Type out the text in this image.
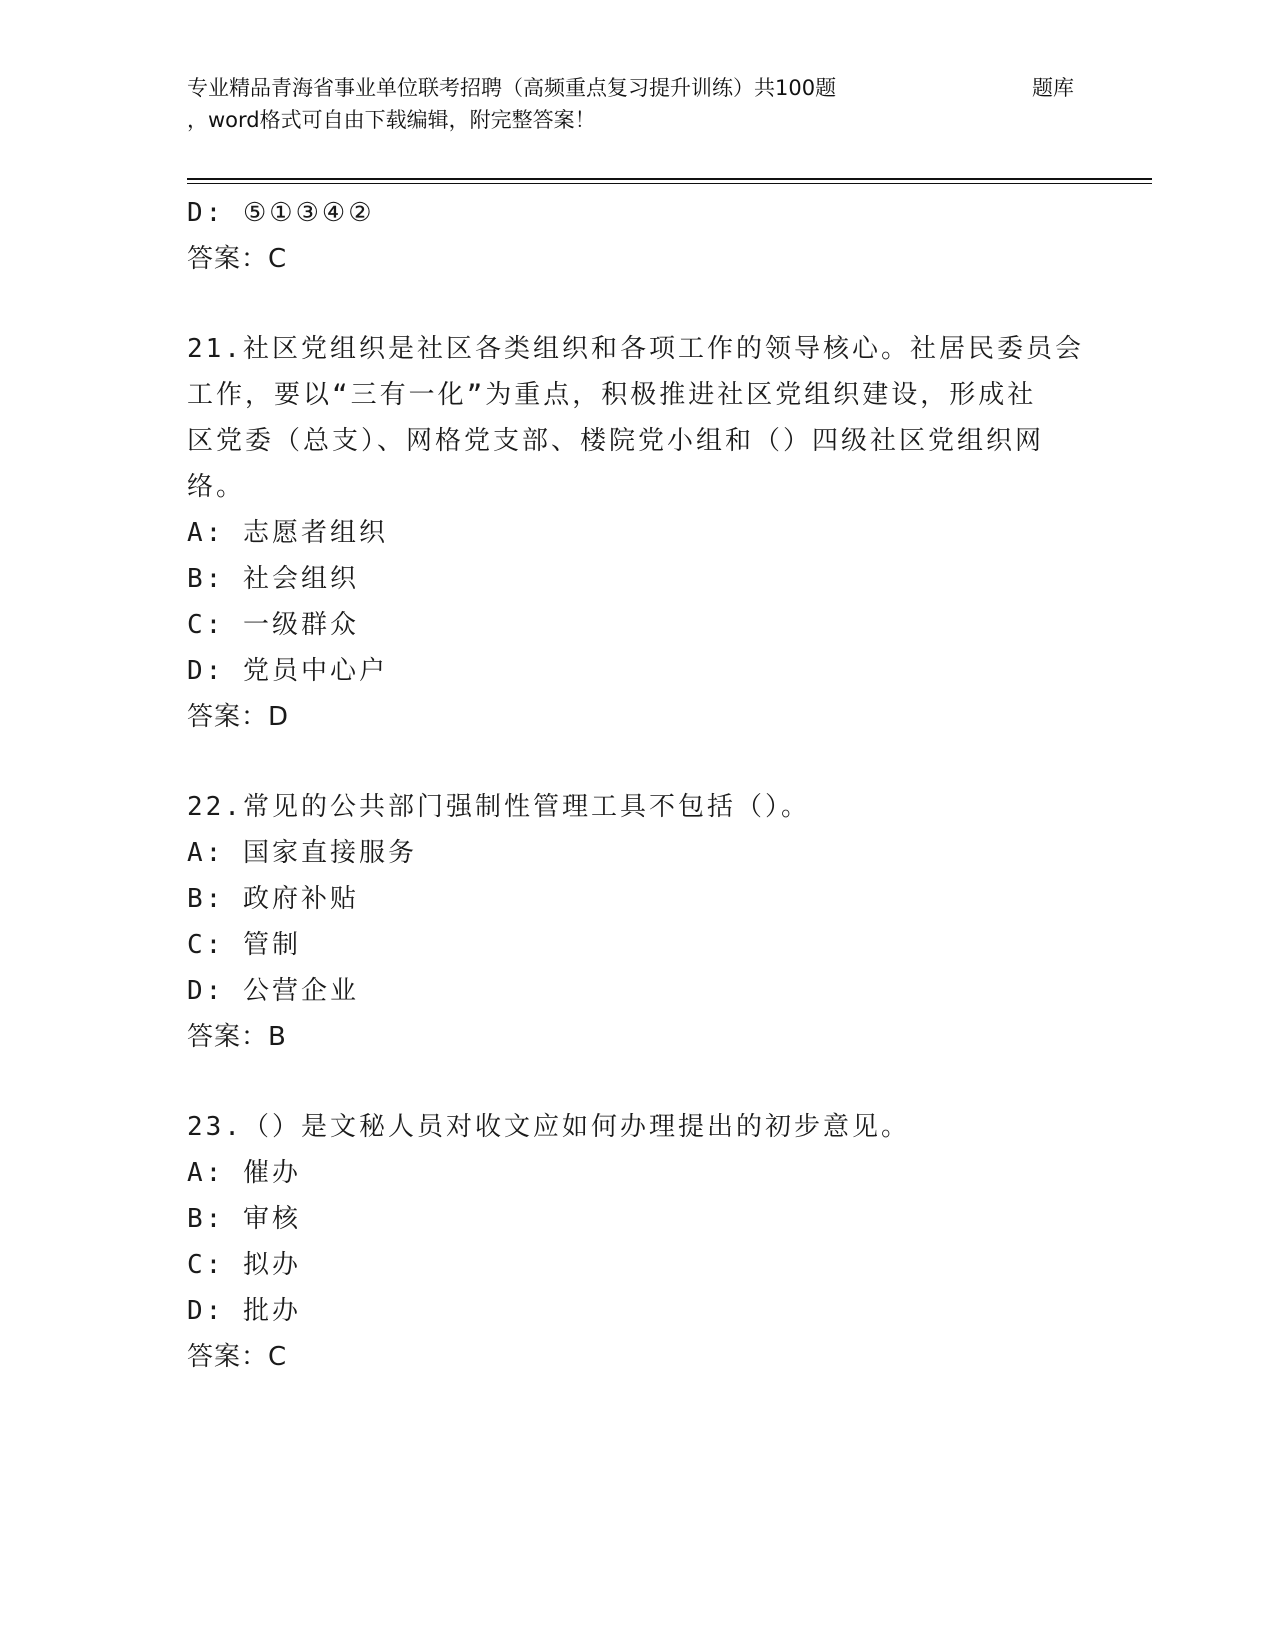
专业精品青海省事业单位联考招聘（高频重点复习提升训练）共100题	题库
，word格式可自由下载编辑，附完整答案！
D: ⑤①③④②
答案：C
21.社区党组织是社区各类组织和各项工作的领导核心。社居民委员会
工作，要以“三有一化”为重点，积极推进社区党组织建设，形成社
区党委（总支）、网格党支部、楼院党小组和（）四级社区党组织网
络。
A: 志愿者组织
B: 社会组织
C: 一级群众
D: 党员中心户
答案：D
22.常见的公共部门强制性管理工具不包括（）。
A: 国家直接服务
B: 政府补贴
C: 管制
D: 公营企业
答案：B
23.（）是文秘人员对收文应如何办理提出的初步意见。
A: 催办
B: 审核
C: 拟办
D: 批办
答案：C
